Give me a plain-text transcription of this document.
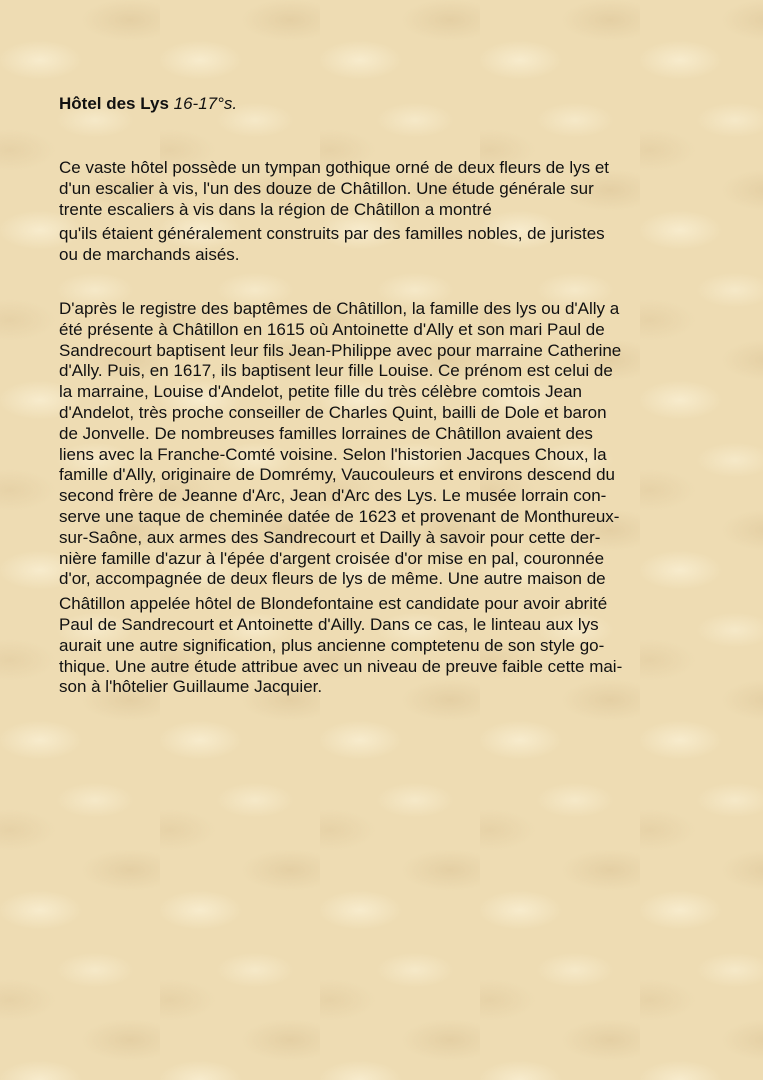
Hôtel des Lys 16-17°s.

Ce vaste hôtel possède un tympan gothique orné de deux fleurs de lys et
d'un escalier à vis, l'un des douze de Châtillon. Une étude générale sur
trente escaliers à vis dans la région de Châtillon a montré

qu'ils étaient généralement construits par des familles nobles, de juristes
ou de marchands aisés.

D'après le registre des baptêmes de Châtillon, la famille des lys ou d'Ally a
été présente à Châtillon en 1615 où Antoinette d'Ally et son mari Paul de
Sandrecourt baptisent leur fils Jean-Philippe avec pour marraine Catherine
d'Ally. Puis, en 1617, ils baptisent leur fille Louise. Ce prénom est celui de
la marraine, Louise d'Andelot, petite fille du très célèbre comtois Jean
d'Andelot, très proche conseiller de Charles Quint, bailli de Dole et baron
de Jonvelle. De nombreuses familles lorraines de Châtillon avaient des
liens avec la Franche-Comté voisine. Selon l'historien Jacques Choux, la
famille d'Ally, originaire de Domrémy, Vaucouleurs et environs descend du
second frère de Jeanne d'Arc, Jean d'Arc des Lys. Le musée lorrain con-
serve une taque de cheminée datée de 1623 et provenant de Monthureux-
sur-Saône, aux armes des Sandrecourt et Dailly à savoir pour cette der-
nière famille d'azur à l'épée d'argent croisée d'or mise en pal, couronnée
d'or, accompagnée de deux fleurs de lys de même. Une autre maison de

Châtillon appelée hôtel de Blondefontaine est candidate pour avoir abrité
Paul de Sandrecourt et Antoinette d'Ailly. Dans ce cas, le linteau aux lys
aurait une autre signification, plus ancienne comptetenu de son style go-
thique. Une autre étude attribue avec un niveau de preuve faible cette mai-
son à l'hôtelier Guillaume Jacquier.
